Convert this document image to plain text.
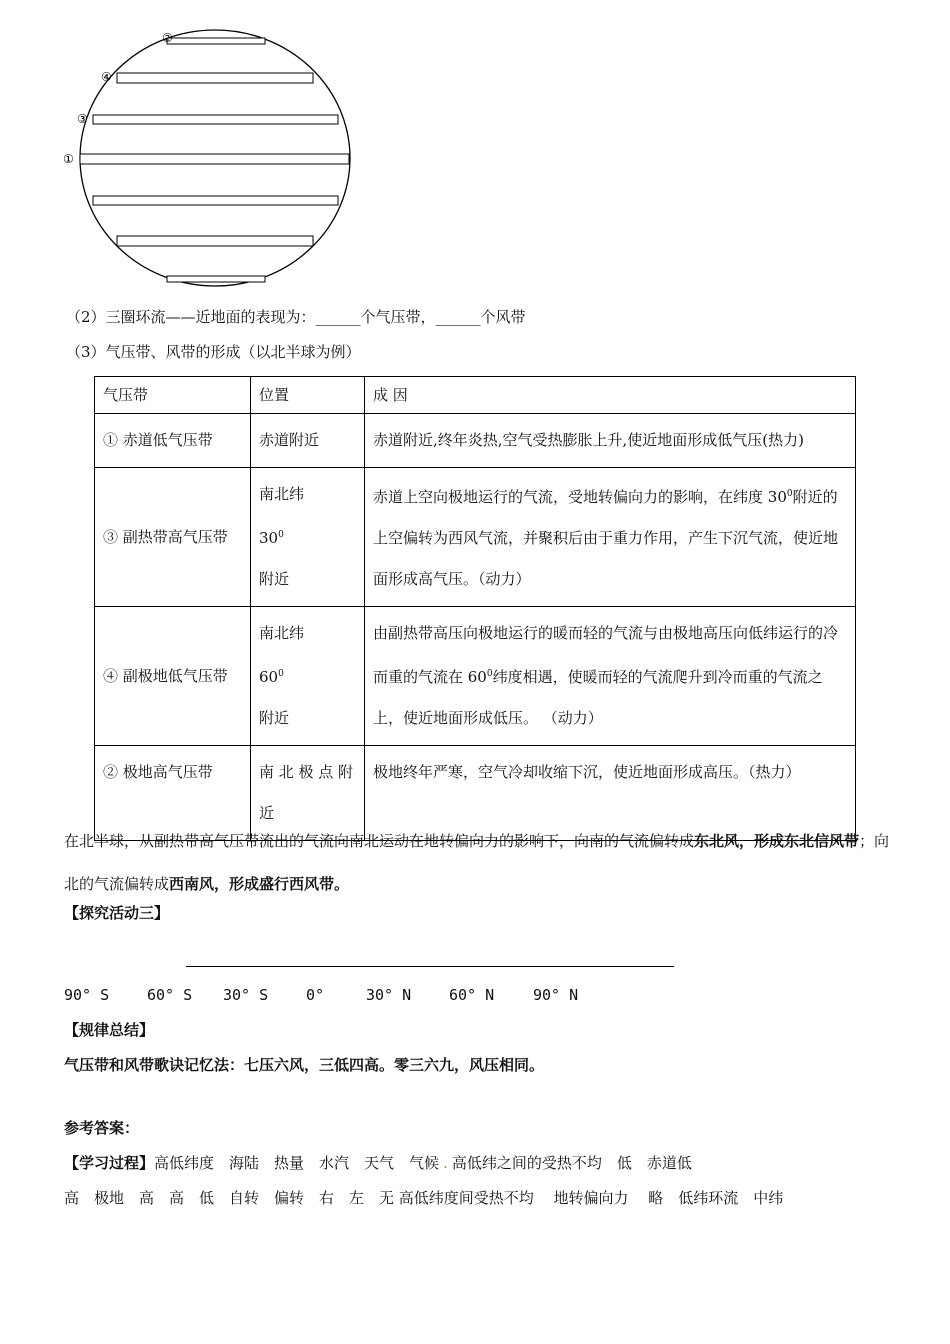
②
④
③
①
（2）三圈环流——近地面的表现为：______个气压带，______个风带
（3）气压带、风带的形成（以北半球为例）
气压带	位置	成 因
① 赤道低气压带	赤道附近	赤道附近,终年炎热,空气受热膨胀上升,使近地面形成低气压(热力)
③ 副热带高气压带	南北纬
$30^0$
附近	赤道上空向极地运行的气流，受地转偏向力的影响，在纬度 $30^0$附近的上空偏转为西风气流，并聚积后由于重力作用，产生下沉气流，使近地面形成高气压。（动力）
④ 副极地低气压带	南北纬
$60^0$
附近	由副热带高压向极地运行的暖而轻的气流与由极地高压向低纬运行的冷而重的气流在 $60^0$纬度相遇，使暖而轻的气流爬升到冷而重的气流之上，使近地面形成低压。 （动力）
② 极地高气压带	南北极点附近	极地终年严寒，空气冷却收缩下沉，使近地面形成高压。（热力）
在北半球，从副热带高气压带流出的气流向南北运动在地转偏向力的影响下，向南的气流偏转成东北风，形成东北信风带；向北的气流偏转成西南风，形成盛行西风带。
【探究活动三】
90° S	60° S 30° S	0°	30° N	60° N	90° N
【规律总结】
气压带和风带歌诀记忆法：七压六风，三低四高。零三六九，风压相同。
参考答案：
【学习过程】高低纬度　海陆　热量　水汽　天气　气候 . 高低纬之间的受热不均　低　赤道低
高　极地　高　高　低　自转　偏转　右　左　无 高低纬度间受热不均　 地转偏向力　 略　低纬环流　中纬
